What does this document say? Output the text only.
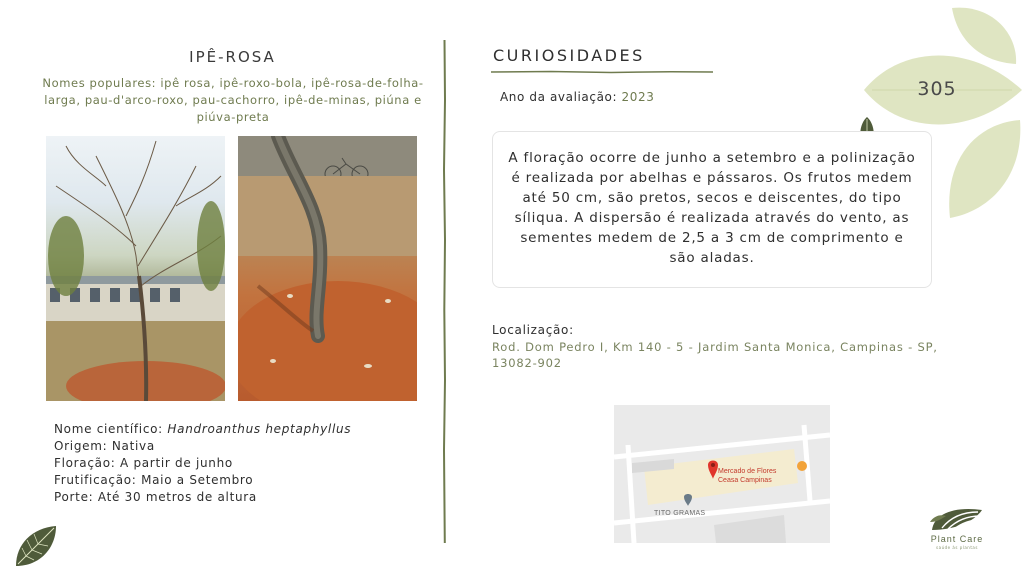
IPÊ-ROSA
Nomes populares: ipê rosa, ipê-roxo-bola, ipê-rosa-de-folha-larga, pau-d'arco-roxo, pau-cachorro, ipê-de-minas, piúna e piúva-preta
Nome científico: Handroanthus heptaphyllus
Origem: Nativa
Floração: A partir de junho
Frutificação: Maio a Setembro
Porte: Até 30 metros de altura
CURIOSIDADES
Ano da avaliação: 2023	305
A floração ocorre de junho a setembro e a polinização é realizada por abelhas e pássaros. Os frutos medem até 50 cm, são pretos, secos e deiscentes, do tipo síliqua. A dispersão é realizada através do vento, as sementes medem de 2,5 a 3 cm de comprimento e são aladas.
Localização:
Rod. Dom Pedro I, Km 140 - 5 - Jardim Santa Monica, Campinas - SP, 13082-902
Mercado de Flores
Ceasa Campinas
TITO GRAMAS
Plant Care
saúde às plantas
